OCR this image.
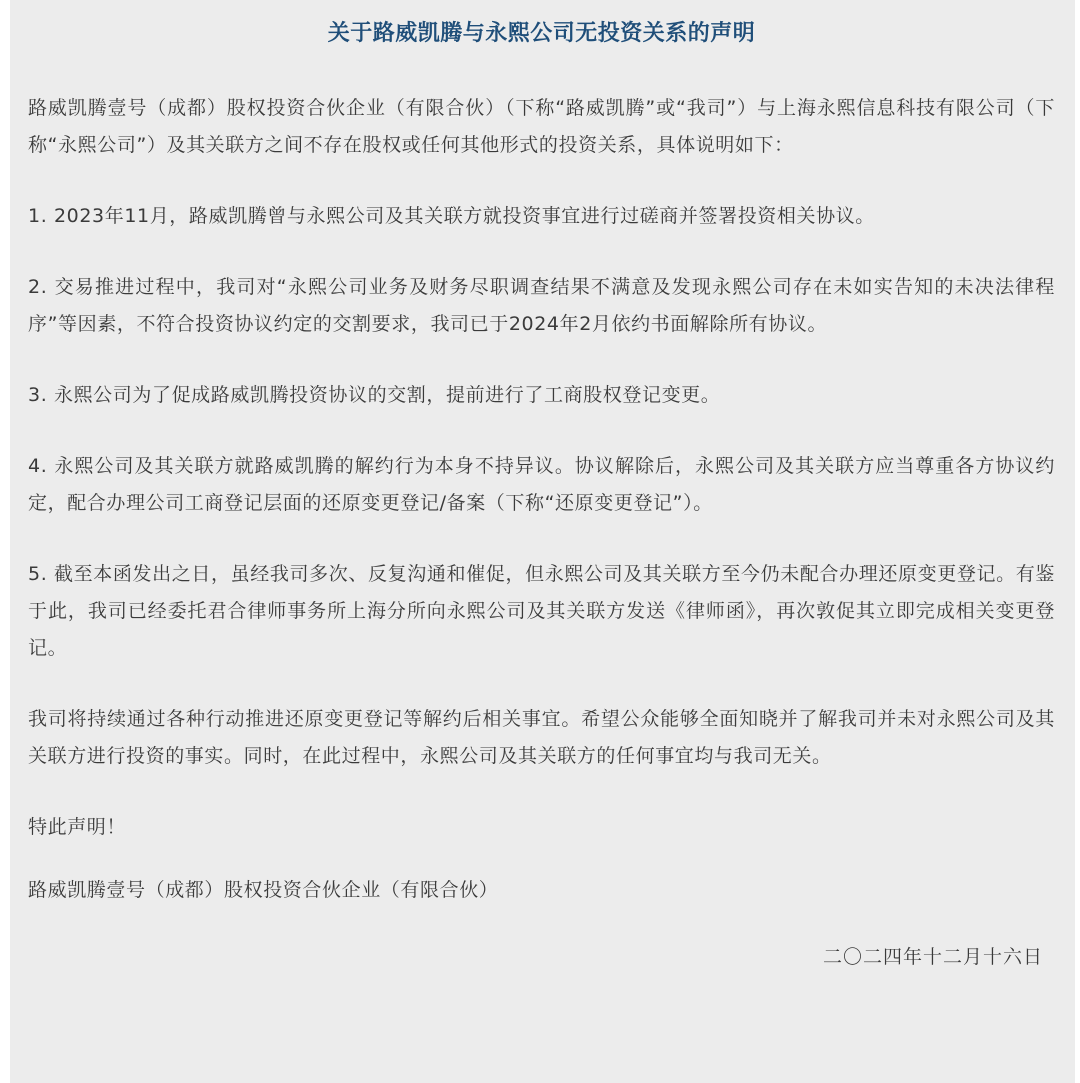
关于路威凯腾与永熙公司无投资关系的声明

路威凯腾壹号（成都）股权投资合伙企业（有限合伙）（下称“路威凯腾”或“我司”）与上海永熙信息科技有限公司（下称“永熙公司”）及其关联方之间不存在股权或任何其他形式的投资关系，具体说明如下：

1. 2023年11月，路威凯腾曾与永熙公司及其关联方就投资事宜进行过磋商并签署投资相关协议。

2. 交易推进过程中，我司对“永熙公司业务及财务尽职调查结果不满意及发现永熙公司存在未如实告知的未决法律程序”等因素，不符合投资协议约定的交割要求，我司已于2024年2月依约书面解除所有协议。

3. 永熙公司为了促成路威凯腾投资协议的交割，提前进行了工商股权登记变更。

4. 永熙公司及其关联方就路威凯腾的解约行为本身不持异议。协议解除后，永熙公司及其关联方应当尊重各方协议约定，配合办理公司工商登记层面的还原变更登记/备案（下称“还原变更登记”）。

5. 截至本函发出之日，虽经我司多次、反复沟通和催促，但永熙公司及其关联方至今仍未配合办理还原变更登记。有鉴于此，我司已经委托君合律师事务所上海分所向永熙公司及其关联方发送《律师函》，再次敦促其立即完成相关变更登记。

我司将持续通过各种行动推进还原变更登记等解约后相关事宜。希望公众能够全面知晓并了解我司并未对永熙公司及其关联方进行投资的事实。同时，在此过程中，永熙公司及其关联方的任何事宜均与我司无关。

特此声明！

路威凯腾壹号（成都）股权投资合伙企业（有限合伙）

二〇二四年十二月十六日
